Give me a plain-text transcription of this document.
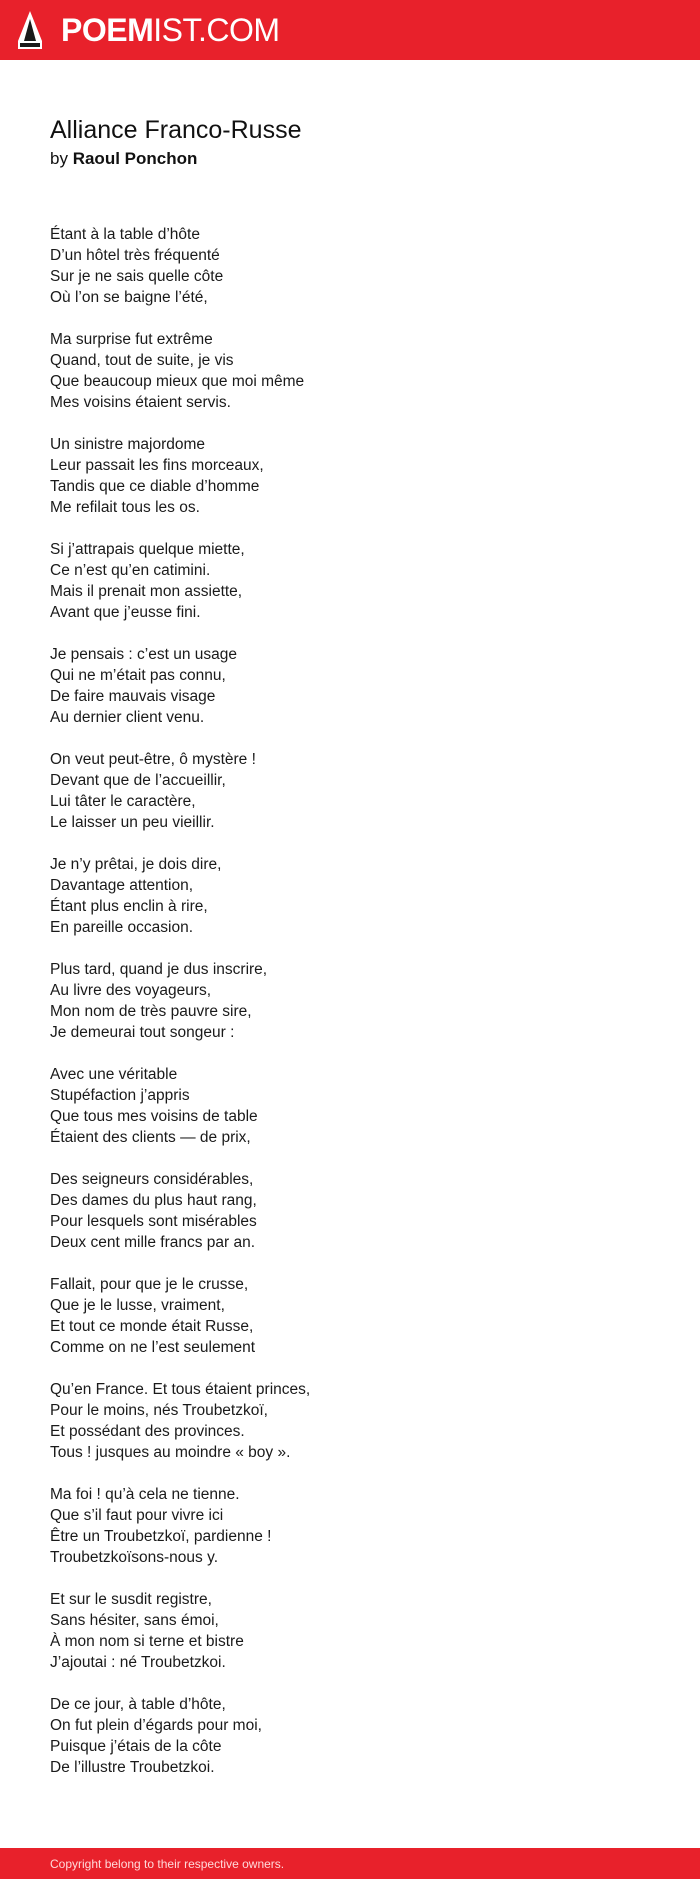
POEMIST.COM
Alliance Franco-Russe

by Raoul Ponchon

Étant à la table d’hôte
D’un hôtel très fréquenté
Sur je ne sais quelle côte
Où l’on se baigne l’été,
Ma surprise fut extrême
Quand, tout de suite, je vis
Que beaucoup mieux que moi même
Mes voisins étaient servis.
Un sinistre majordome
Leur passait les fins morceaux,
Tandis que ce diable d’homme
Me refilait tous les os.
Si j’attrapais quelque miette,
Ce n’est qu’en catimini.
Mais il prenait mon assiette,
Avant que j’eusse fini.
Je pensais : c’est un usage
Qui ne m’était pas connu,
De faire mauvais visage
Au dernier client venu.
On veut peut-être, ô mystère !
Devant que de l’accueillir,
Lui tâter le caractère,
Le laisser un peu vieillir.
Je n’y prêtai, je dois dire,
Davantage attention,
Étant plus enclin à rire,
En pareille occasion.
Plus tard, quand je dus inscrire,
Au livre des voyageurs,
Mon nom de très pauvre sire,
Je demeurai tout songeur :
Avec une véritable
Stupéfaction j’appris
Que tous mes voisins de table
Étaient des clients — de prix,
Des seigneurs considérables,
Des dames du plus haut rang,
Pour lesquels sont misérables
Deux cent mille francs par an.
Fallait, pour que je le crusse,
Que je le lusse, vraiment,
Et tout ce monde était Russe,
Comme on ne l’est seulement
Qu’en France. Et tous étaient princes,
Pour le moins, nés Troubetzkoï,
Et possédant des provinces.
Tous ! jusques au moindre « boy ».
Ma foi ! qu’à cela ne tienne.
Que s’il faut pour vivre ici
Être un Troubetzkoï, pardienne !
Troubetzkoïsons-nous y.
Et sur le susdit registre,
Sans hésiter, sans émoi,
À mon nom si terne et bistre
J’ajoutai : né Troubetzkoi.
De ce jour, à table d’hôte,
On fut plein d’égards pour moi,
Puisque j’étais de la côte
De l’illustre Troubetzkoi.
Copyright belong to their respective owners.
